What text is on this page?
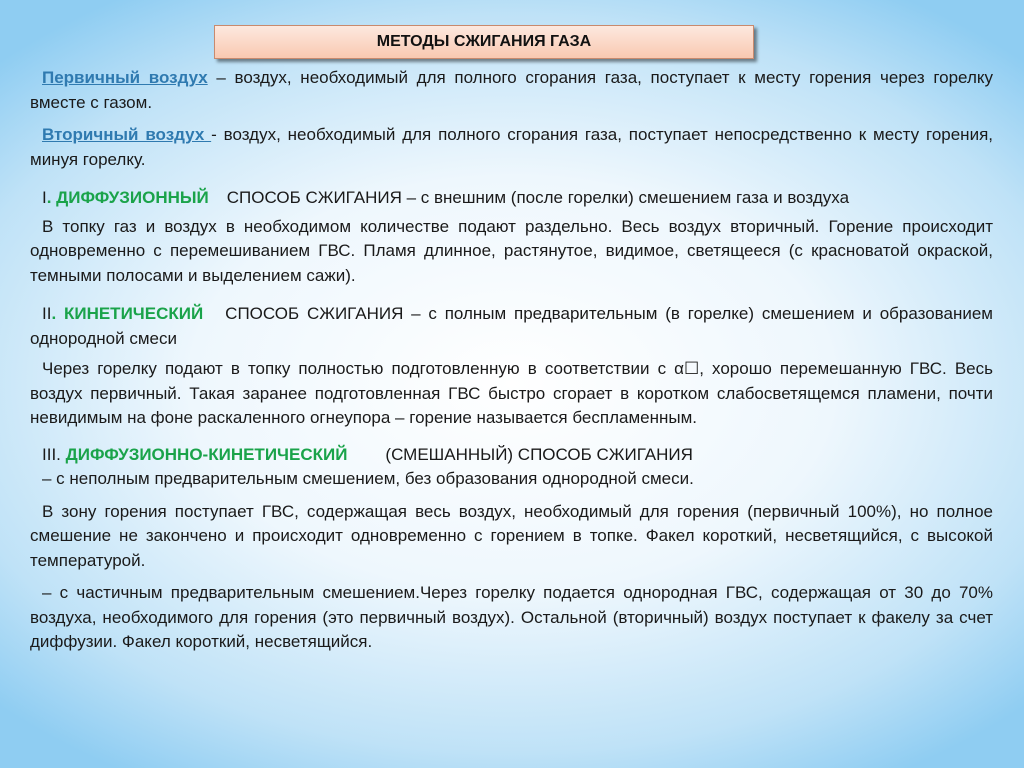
МЕТОДЫ СЖИГАНИЯ ГАЗА

Первичный воздух – воздух, необходимый для полного сгорания газа, поступает к месту горения через горелку вместе с газом.

Вторичный воздух - воздух, необходимый для полного сгорания газа, поступает непосредственно к месту горения, минуя горелку.

I. ДИФФУЗИОННЫЙ СПОСОБ СЖИГАНИЯ – с внешним (после горелки) смешением газа и воздуха

В топку газ и воздух в необходимом количестве подают раздельно. Весь воздух вторичный. Горение происходит одновременно с перемешиванием ГВС. Пламя длинное, растянутое, видимое, светящееся (с красноватой окраской, темными полосами и выделением сажи).

II. КИНЕТИЧЕСКИЙ СПОСОБ СЖИГАНИЯ – с полным предварительным (в горелке) смешением и образованием однородной смеси

Через горелку подают в топку полностью подготовленную в соответствии с α☐, хорошо перемешанную ГВС. Весь воздух первичный. Такая заранее подготовленная ГВС быстро сгорает в коротком слабосветящемся пламени, почти невидимым на фоне раскаленного огнеупора – горение называется беспламенным.

III. ДИФФУЗИОННО-КИНЕТИЧЕСКИЙ (СМЕШАННЫЙ) СПОСОБ СЖИГАНИЯ

– с неполным предварительным смешением, без образования однородной смеси.

В зону горения поступает ГВС, содержащая весь воздух, необходимый для горения (первичный 100%), но полное смешение не закончено и происходит одновременно с горением в топке. Факел короткий, несветящийся, с высокой температурой.

– с частичным предварительным смешением.Через горелку подается однородная ГВС, содержащая от 30 до 70% воздуха, необходимого для горения (это первичный воздух). Остальной (вторичный) воздух поступает к факелу за счет диффузии. Факел короткий, несветящийся.
